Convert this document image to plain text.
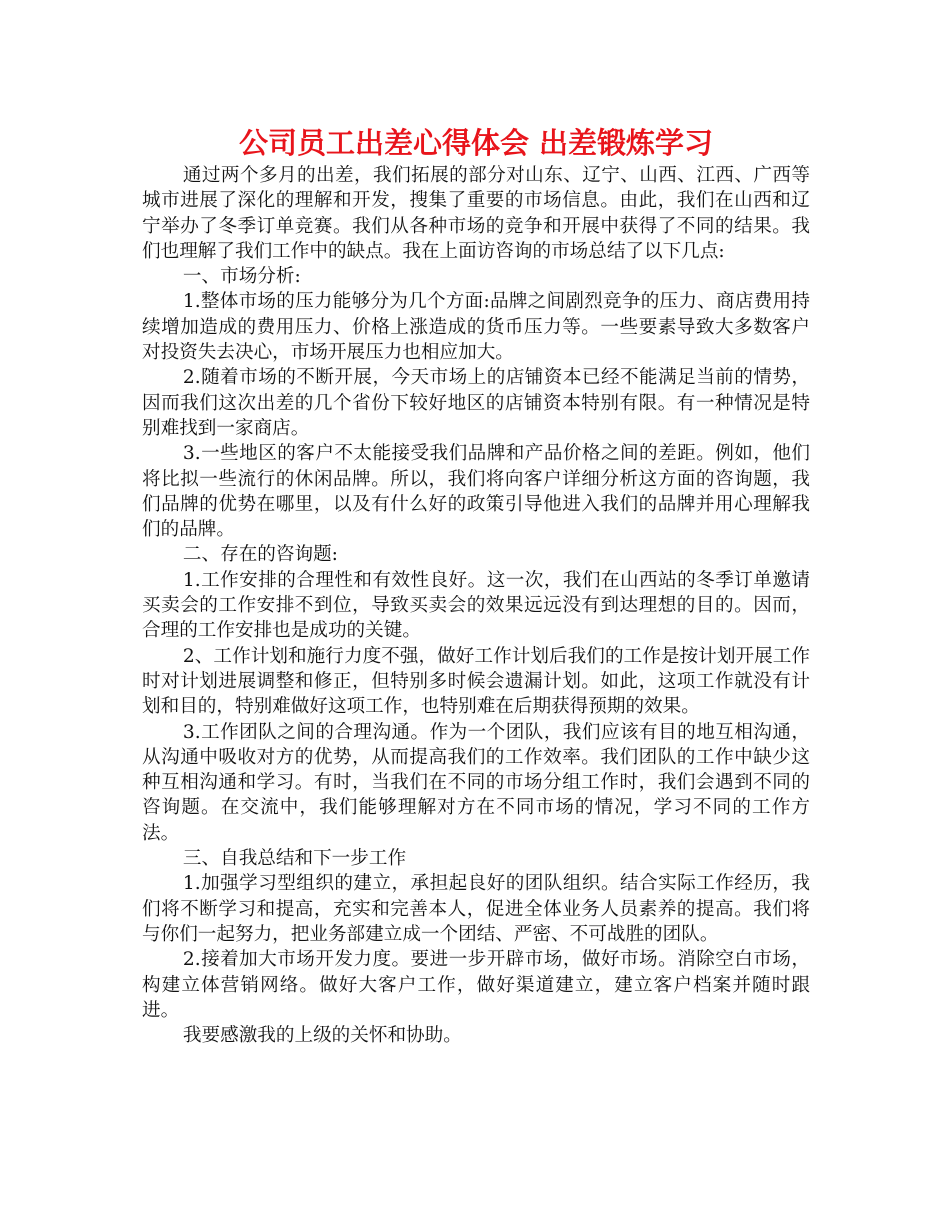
公司员工出差心得体会 出差锻炼学习

通过两个多月的出差，我们拓展的部分对山东、辽宁、山西、江西、广西等城市进展了深化的理解和开发，搜集了重要的市场信息。由此，我们在山西和辽宁举办了冬季订单竞赛。我们从各种市场的竞争和开展中获得了不同的结果。我们也理解了我们工作中的缺点。我在上面访咨询的市场总结了以下几点:

一、市场分析:

1.整体市场的压力能够分为几个方面:品牌之间剧烈竞争的压力、商店费用持续增加造成的费用压力、价格上涨造成的货币压力等。一些要素导致大多数客户对投资失去决心，市场开展压力也相应加大。

2.随着市场的不断开展，今天市场上的店铺资本已经不能满足当前的情势，因而我们这次出差的几个省份下较好地区的店铺资本特别有限。有一种情况是特别难找到一家商店。

3.一些地区的客户不太能接受我们品牌和产品价格之间的差距。例如，他们将比拟一些流行的休闲品牌。所以，我们将向客户详细分析这方面的咨询题，我们品牌的优势在哪里，以及有什么好的政策引导他进入我们的品牌并用心理解我们的品牌。

二、存在的咨询题:

1.工作安排的合理性和有效性良好。这一次，我们在山西站的冬季订单邀请买卖会的工作安排不到位，导致买卖会的效果远远没有到达理想的目的。因而，合理的工作安排也是成功的关键。

2、工作计划和施行力度不强，做好工作计划后我们的工作是按计划开展工作时对计划进展调整和修正，但特别多时候会遗漏计划。如此，这项工作就没有计划和目的，特别难做好这项工作，也特别难在后期获得预期的效果。

3.工作团队之间的合理沟通。作为一个团队，我们应该有目的地互相沟通，从沟通中吸收对方的优势，从而提高我们的工作效率。我们团队的工作中缺少这种互相沟通和学习。有时，当我们在不同的市场分组工作时，我们会遇到不同的咨询题。在交流中，我们能够理解对方在不同市场的情况，学习不同的工作方法。

三、自我总结和下一步工作

1.加强学习型组织的建立，承担起良好的团队组织。结合实际工作经历，我们将不断学习和提高，充实和完善本人，促进全体业务人员素养的提高。我们将与你们一起努力，把业务部建立成一个团结、严密、不可战胜的团队。

2.接着加大市场开发力度。要进一步开辟市场，做好市场。消除空白市场，构建立体营销网络。做好大客户工作，做好渠道建立，建立客户档案并随时跟进。

我要感激我的上级的关怀和协助。
